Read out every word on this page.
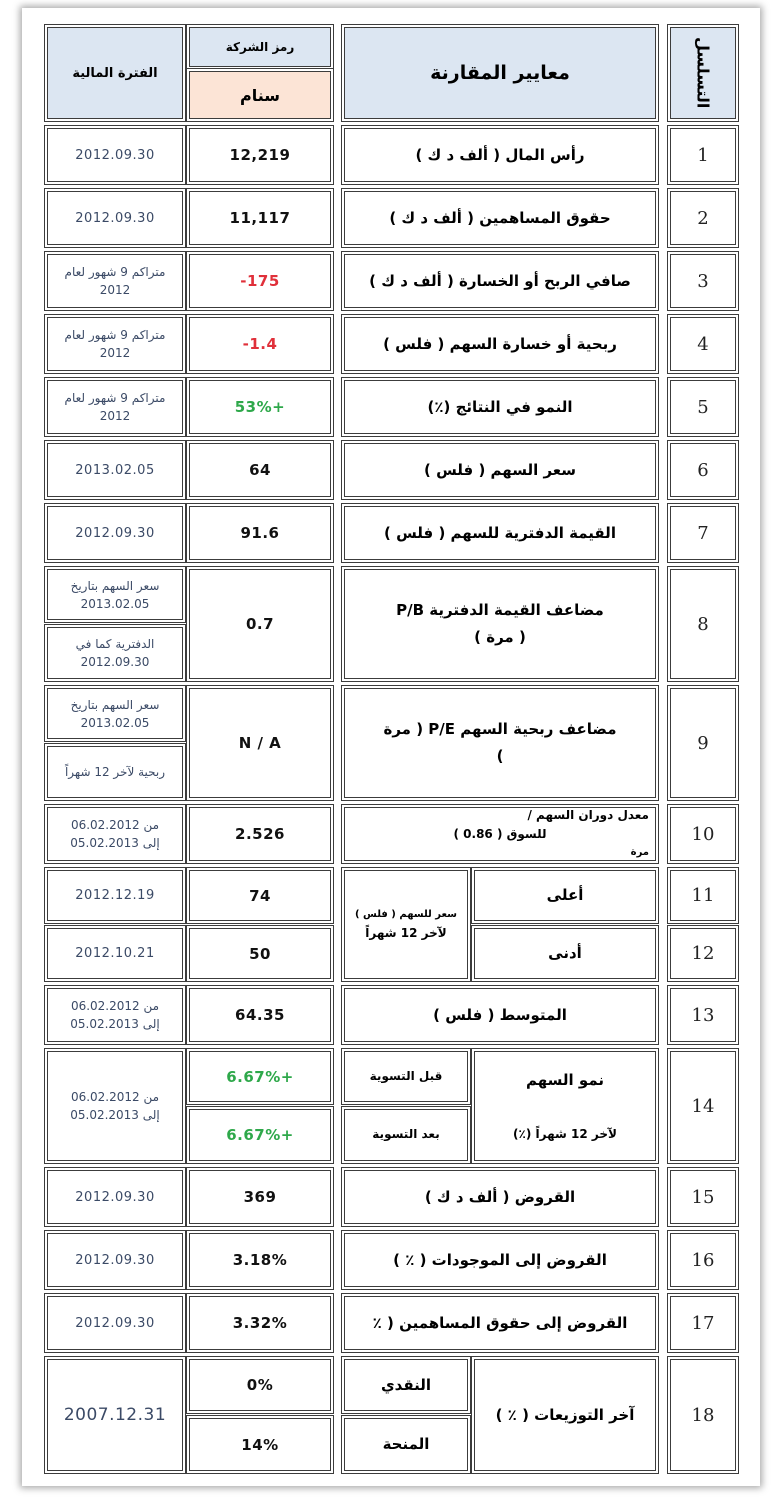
التسلسل
معايير المقارنة
رمز الشركة
سنام
الفترة المالية
1
رأس المال ( ألف د ك )
12,219
2012.09.30
2
حقوق المساهمين ( ألف د ك )
11,117
2012.09.30
3
صافي الربح أو الخسارة ( ألف د ك )
-175
متراكم 9 شهور لعام
2012
4
ربحية أو خسارة السهم ( فلس )
-1.4
متراكم 9 شهور لعام
2012
5
النمو في النتائج (٪)
53%+
متراكم 9 شهور لعام
2012
6
سعر السهم ( فلس )
64
2013.02.05
7
القيمة الدفترية للسهم ( فلس )
91.6
2012.09.30
8
مضاعف القيمة الدفترية P/B
( مرة )
0.7
سعر السهم بتاريخ
2013.02.05
الدفترية كما في
2012.09.30
9
مضاعف ربحية السهم P/E ( مرة
)
N / A
سعر السهم بتاريخ
2013.02.05
ربحية لآخر 12 شهراً
10
معدل دوران السهم /
للسوق ( 0.86 )
مرة
2.526
من 06.02.2012
إلى 05.02.2013
11
12
أعلى
أدنى
سعر للسهم ( فلس )
لآخر 12 شهراً
74
50
2012.12.19
2012.10.21
13
المتوسط ( فلس )
64.35
من 06.02.2012
إلى 05.02.2013
14
نمو السهم
لآخر 12 شهراً (٪)
قبل التسوية
بعد التسوية
6.67%+
6.67%+
من 06.02.2012
إلى 05.02.2013
15
القروض ( ألف د ك )
369
2012.09.30
16
القروض إلى الموجودات ( ٪ )
3.18%
2012.09.30
17
القروض إلى حقوق المساهمين ( ٪
3.32%
2012.09.30
18
آخر التوزيعات ( ٪ )
النقدي
المنحة
0%
14%
2007.12.31
